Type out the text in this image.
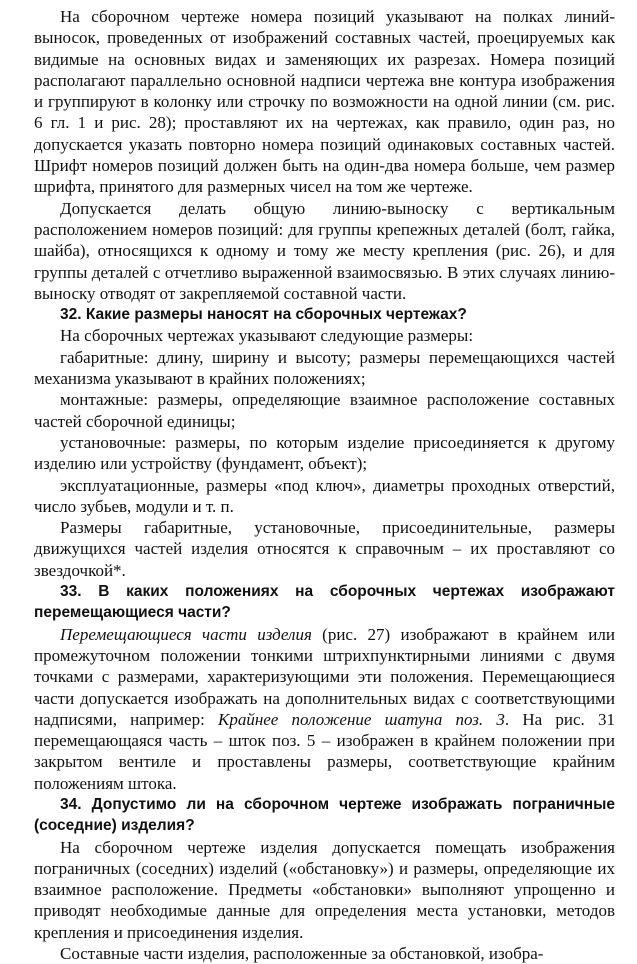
На сборочном чертеже номера позиций указывают на полках линий-выносок, проведенных от изображений составных частей, проецируемых как видимые на основных видах и заменяющих их разрезах. Номера позиций располагают параллельно основной надписи чертежа вне контура изображения и группируют в колонку или строчку по возможности на одной линии (см. рис. 6 гл. 1 и рис. 28); проставляют их на чертежах, как правило, один раз, но допускается указать повторно номера позиций одинаковых составных частей. Шрифт номеров позиций должен быть на один-два номера больше, чем размер шрифта, принятого для размерных чисел на том же чертеже.

Допускается делать общую линию-выноску с вертикальным расположением номеров позиций: для группы крепежных деталей (болт, гайка, шайба), относящихся к одному и тому же месту крепления (рис. 26), и для группы деталей с отчетливо выраженной взаимосвязью. В этих случаях линию-выноску отводят от закрепляемой составной части.

32. Какие размеры наносят на сборочных чертежах?

На сборочных чертежах указывают следующие размеры:

габаритные: длину, ширину и высоту; размеры перемещающихся частей механизма указывают в крайних положениях;

монтажные: размеры, определяющие взаимное расположение составных частей сборочной единицы;

установочные: размеры, по которым изделие присоединяется к другому изделию или устройству (фундамент, объект);

эксплуатационные, размеры «под ключ», диаметры проходных отверстий, число зубьев, модули и т. п.

Размеры габаритные, установочные, присоединительные, размеры движущихся частей изделия относятся к справочным – их проставляют со звездочкой*.

33. В каких положениях на сборочных чертежах изображают перемещающиеся части?

Перемещающиеся части изделия (рис. 27) изображают в крайнем или промежуточном положении тонкими штрихпунктирными линиями с двумя точками с размерами, характеризующими эти положения. Перемещающиеся части допускается изображать на дополнительных видах с соответствующими надписями, например: Крайнее положение шатуна поз. 3. На рис. 31 перемещающаяся часть – шток поз. 5 – изображен в крайнем положении при закрытом вентиле и проставлены размеры, соответствующие крайним положениям штока.

34. Допустимо ли на сборочном чертеже изображать пограничные (соседние) изделия?

На сборочном чертеже изделия допускается помещать изображения пограничных (соседних) изделий («обстановку») и размеры, определяющие их взаимное расположение. Предметы «обстановки» выполняют упрощенно и приводят необходимые данные для определения места установки, методов крепления и присоединения изделия.

Составные части изделия, расположенные за обстановкой, изобра-
